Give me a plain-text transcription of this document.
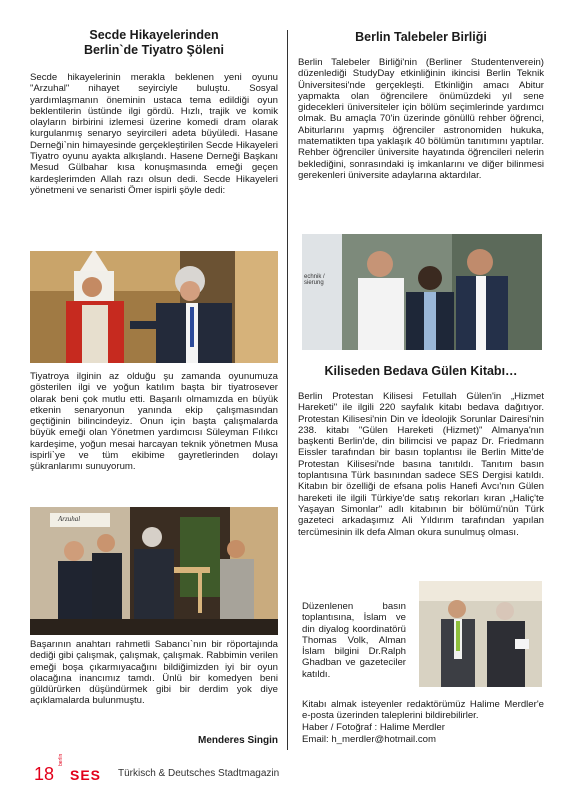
Secde Hikayelerinden
Berlin`de Tiyatro Şöleni

Secde hikayelerinin merakla beklenen yeni oyunu "Arzuhal" nihayet seyirciyle buluştu. Sosyal yardımlaşmanın öneminin ustaca tema edildiği oyun beklentilerin üstünde ilgi gördü. Hızlı, trajik ve komik olayların birbirini izlemesi üzerine komedi dram olarak kurgulanmış senaryo seyircileri adeta büyüledi. Hasane Derneği`nin himayesinde gerçekleştirilen Secde Hikayeleri Tiyatro oyunu ayakta alkışlandı. Hasene Derneği Başkanı Mesud Gülbahar kısa konuşmasında emeği geçen kardeşlerimden Allah razı olsun dedi. Secde Hikayeleri yönetmeni ve senaristi Ömer ispirli şöyle dedi:

Tiyatroya ilginin az olduğu şu zamanda oyunumuza gösterilen ilgi ve yoğun katılım başta bir tiyatrosever olarak beni çok mutlu etti. Başarılı olmamızda en büyük etkenin senaryonun yanında ekip çalışmasından geçtiğinin bilincindeyiz. Onun için başta çalışmalarda büyük emeği olan Yönetmen yardımcısı Süleyman Fılıkcı kardeşime, yoğun mesai harcayan teknik yönetmen Musa ispirli`ye ve tüm ekibime gayretlerinden dolayı şükranlarımı sunuyorum.

Arzuhal

Başarının anahtarı rahmetli Sabancı`nın bir röportajında dediği gibi çalışmak, çalışmak, çalışmak. Rabbimin verilen emeği boşa çıkarmıyacağını bildiğimizden iyi bir oyun olacağına inancımız tamdı. Ünlü bir komedyen beni güldürürken düşündürmek gibi bir derdim yok diye açıklamalarda bulunmuştu.

Menderes Singin
Berlin Talebeler Birliği

Berlin Talebeler Birliği'nin (Berliner Studentenverein) düzenlediği StudyDay etkinliğinin ikincisi Berlin Teknik Üniversitesi'nde gerçekleşti. Etkinliğin amacı Abitur yapmakta olan öğrencilere önümüzdeki yıl sene gidecekleri üniversiteler için bölüm seçimlerinde yardımcı olmak. Bu amaçla 70'in üzerinde gönüllü rehber öğrenci, Abiturlarını yapmış öğrenciler astronomiden hukuka, matematikten tıpa yaklaşık 40 bölümün tanıtımını yaptılar. Rehber öğrenciler üniversite hayatında öğrencileri nelerin beklediğini, sonrasındaki iş imkanlarını ve diğer bilinmesi gerekenleri üniversite adaylarına aktardılar.

echnik / sierung
Kiliseden Bedava Gülen Kitabı…

Berlin Protestan Kilisesi Fetullah Gülen'in „Hizmet Hareketi" ile ilgili 220 sayfalık kitabı bedava dağıtıyor. Protestan Kilisesi'nin Din ve İdeolojik Sorunlar Dairesi'nin 238. kitabı "Gülen Hareketi (Hizmet)" Almanya'nın başkenti Berlin'de, din bilimcisi ve papaz Dr. Friedmann Eissler tarafından bir basın toplantısı ile Berlin Mitte'de Protestan Kilisesi'nde basına tanıtıldı. Tanıtım basın toplantısına Türk basınından sadece SES Dergisi katıldı. Kitabın bir özelliği de efsana polis Hanefi Avcı'nın Gülen hareketi ile ilgili Türkiye'de satış rekorları kıran „Haliç'te Yaşayan Simonlar" adlı kitabının bir bölümü'nün Türk gazeteci arkadaşımız Ali Yıldırım tarafından yapılan tercümesinin ilk defa Alman okura sunulmuş olması.

Düzenlenen basın toplantısına, İslam ve din diyalog koordinatörü Thomas Volk, Alman İslam bilgini Dr.Ralph Ghadban ve gazeteciler katıldı.

Kitabı almak isteyenler redaktörümüz Halime Merdler'e e-posta üzerinden taleplerini bildirebilirler.

Haber / Fotoğraf : Halime Merdler

Email: h_merdler@hotmail.com

18
berlin
SES Türkisch & Deutsches Stadtmagazin
